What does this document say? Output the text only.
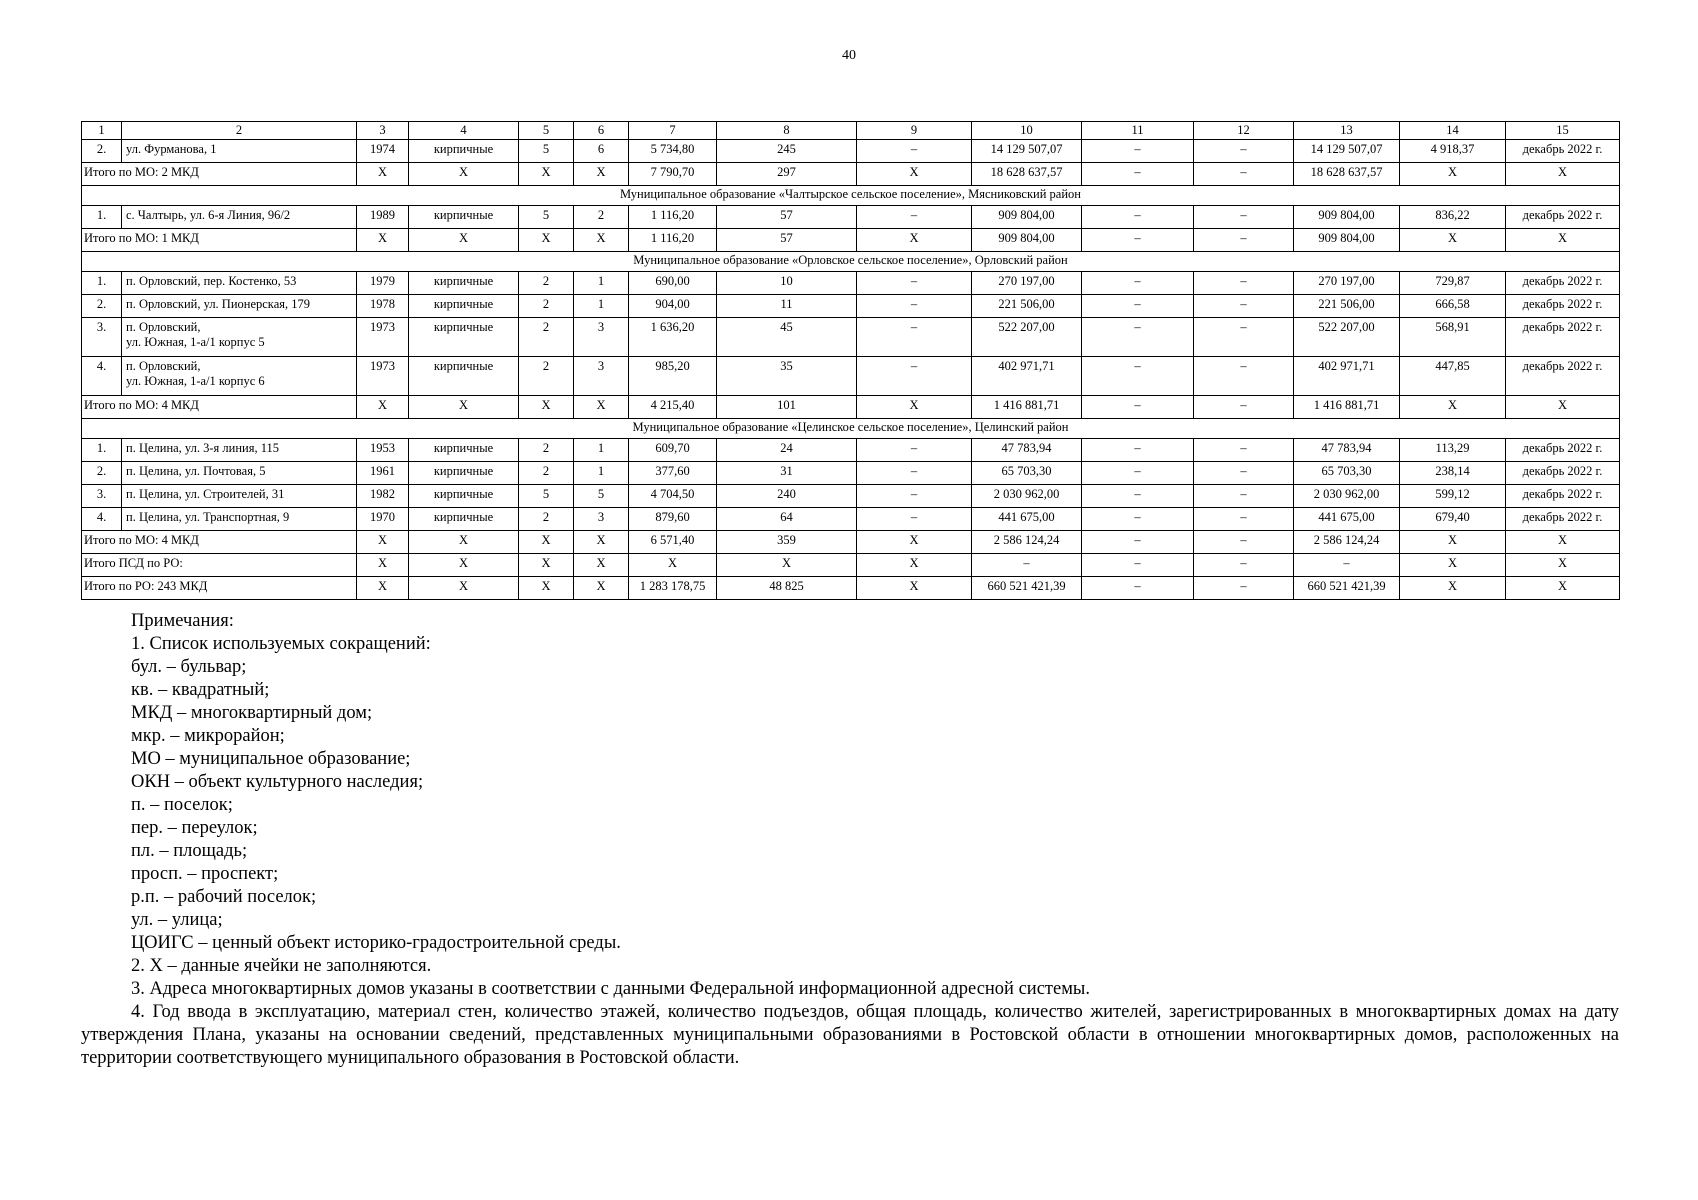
40
1	2	3	4	5	6	7	8	9	10	11	12	13	14	15
2.	ул. Фурманова, 1	1974	кирпичные	5	6	5 734,80	245	–	14 129 507,07	–	–	14 129 507,07	4 918,37	декабрь 2022 г.
Итого по МО: 2 МКД		X	X	X	X	7 790,70	297	X	18 628 637,57	–	–	18 628 637,57	X	X
Муниципальное образование «Чалтырское сельское поселение», Мясниковский район														
1.	с. Чалтырь, ул. 6-я Линия, 96/2	1989	кирпичные	5	2	1 116,20	57	–	909 804,00	–	–	909 804,00	836,22	декабрь 2022 г.
Итого по МО: 1 МКД		X	X	X	X	1 116,20	57	X	909 804,00	–	–	909 804,00	X	X
Муниципальное образование «Орловское сельское поселение», Орловский район														
1.	п. Орловский, пер. Костенко, 53	1979	кирпичные	2	1	690,00	10	–	270 197,00	–	–	270 197,00	729,87	декабрь 2022 г.
2.	п. Орловский, ул. Пионерская, 179	1978	кирпичные	2	1	904,00	11	–	221 506,00	–	–	221 506,00	666,58	декабрь 2022 г.
3.	п. Орловский,
ул. Южная, 1-а/1 корпус 5	1973	кирпичные	2	3	1 636,20	45	–	522 207,00	–	–	522 207,00	568,91	декабрь 2022 г.
4.	п. Орловский,
ул. Южная, 1-а/1 корпус 6	1973	кирпичные	2	3	985,20	35	–	402 971,71	–	–	402 971,71	447,85	декабрь 2022 г.
Итого по МО: 4 МКД		X	X	X	X	4 215,40	101	X	1 416 881,71	–	–	1 416 881,71	X	X
Муниципальное образование «Целинское сельское поселение», Целинский район														
1.	п. Целина, ул. 3-я линия, 115	1953	кирпичные	2	1	609,70	24	–	47 783,94	–	–	47 783,94	113,29	декабрь 2022 г.
2.	п. Целина, ул. Почтовая, 5	1961	кирпичные	2	1	377,60	31	–	65 703,30	–	–	65 703,30	238,14	декабрь 2022 г.
3.	п. Целина, ул. Строителей, 31	1982	кирпичные	5	5	4 704,50	240	–	2 030 962,00	–	–	2 030 962,00	599,12	декабрь 2022 г.
4.	п. Целина, ул. Транспортная, 9	1970	кирпичные	2	3	879,60	64	–	441 675,00	–	–	441 675,00	679,40	декабрь 2022 г.
Итого по МО: 4 МКД		X	X	X	X	6 571,40	359	X	2 586 124,24	–	–	2 586 124,24	X	X
Итого ПСД по РО:		X	X	X	X	X	X	X	–	–	–	–	X	X
Итого по РО: 243 МКД		X	X	X	X	1 283 178,75	48 825	X	660 521 421,39	–	–	660 521 421,39	X	X

Примечания:

1. Список используемых сокращений:

бул. – бульвар;

кв. – квадратный;

МКД – многоквартирный дом;

мкр. – микрорайон;

МО – муниципальное образование;

ОКН – объект культурного наследия;

п. – поселок;

пер. – переулок;

пл. – площадь;

просп. – проспект;

р.п. – рабочий поселок;

ул. – улица;

ЦОИГС – ценный объект историко-градостроительной среды.

2. X – данные ячейки не заполняются.

3. Адреса многоквартирных домов указаны в соответствии с данными Федеральной информационной адресной системы.

4. Год ввода в эксплуатацию, материал стен, количество этажей, количество подъездов, общая площадь, количество жителей, зарегистрированных в многоквартирных домах на дату утверждения Плана, указаны на основании сведений, представленных муниципальными образованиями в Ростовской области в отношении многоквартирных домов, расположенных на территории соответствующего муниципального образования в Ростовской области.
